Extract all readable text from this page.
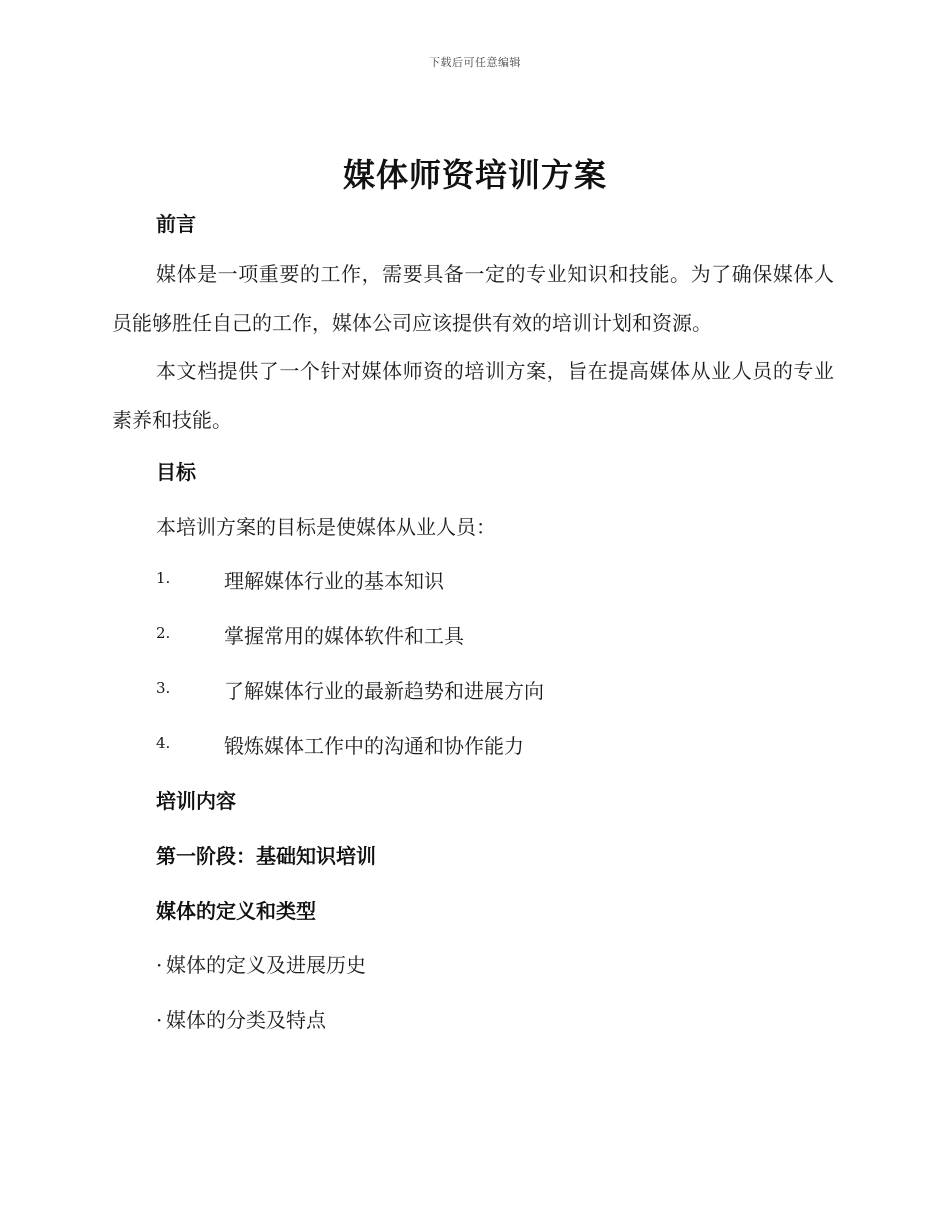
下载后可任意编辑
媒体师资培训方案
前言
媒体是一项重要的工作，需要具备一定的专业知识和技能。为了确保媒体人员能够胜任自己的工作，媒体公司应该提供有效的培训计划和资源。
本文档提供了一个针对媒体师资的培训方案，旨在提高媒体从业人员的专业素养和技能。
目标
本培训方案的目标是使媒体从业人员：
1.	理解媒体行业的基本知识
2.	掌握常用的媒体软件和工具
3.	了解媒体行业的最新趋势和进展方向
4.	锻炼媒体工作中的沟通和协作能力
培训内容
第一阶段：基础知识培训
媒体的定义和类型
· 媒体的定义及进展历史
· 媒体的分类及特点
